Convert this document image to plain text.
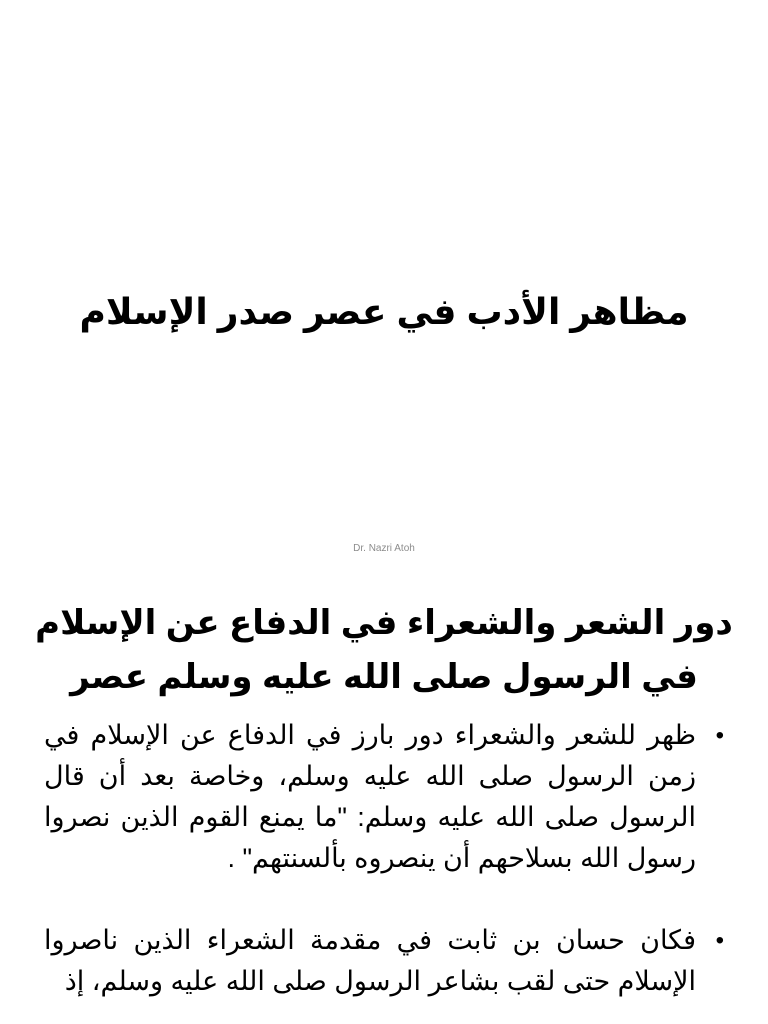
مظاهر الأدب في عصر صدر الإسلام
Dr. Nazri Atoh
دور الشعر والشعراء في الدفاع عن الإسلام في الرسول صلى الله عليه وسلم عصر
•
ظهر للشعر والشعراء دور بارز في الدفاع عن الإسلام في زمن الرسول صلى الله عليه وسلم، وخاصة بعد أن قال الرسول صلى الله عليه وسلم: "ما يمنع القوم الذين نصروا رسول الله بسلاحهم أن ينصروه بألسنتهم" .
•
فكان حسان بن ثابت في مقدمة الشعراء الذين ناصروا الإسلام حتى لقب بشاعر الرسول صلى الله عليه وسلم، إذ
